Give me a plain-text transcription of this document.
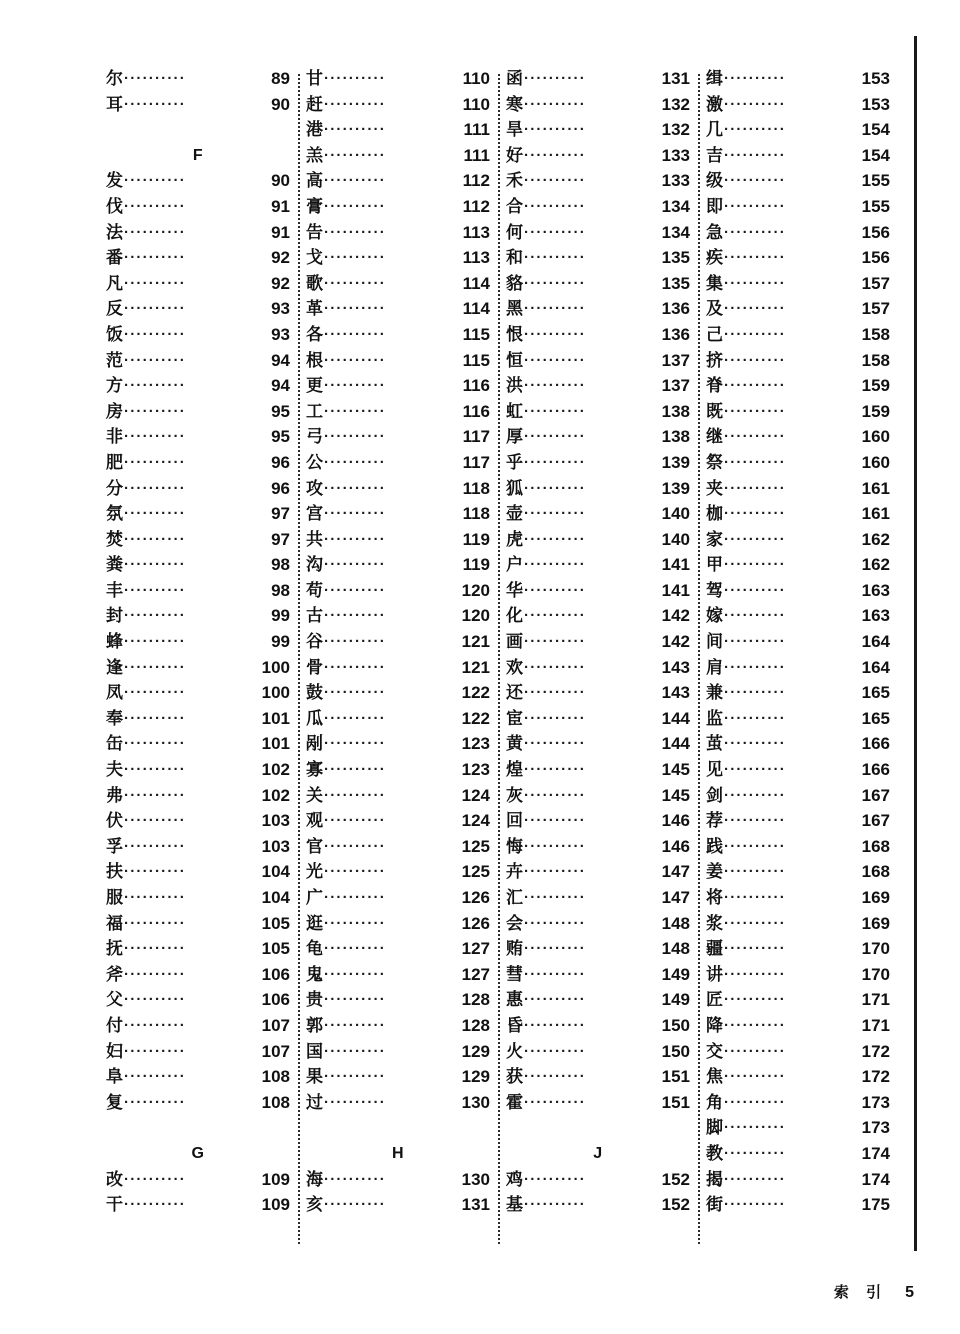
尔 ··········	89
耳 ··········	90
F
发 ··········	90
伐 ··········	91
法 ··········	91
番 ··········	92
凡 ··········	92
反 ··········	93
饭 ··········	93
范 ··········	94
方 ··········	94
房 ··········	95
非 ··········	95
肥 ··········	96
分 ··········	96
氛 ··········	97
焚 ··········	97
粪 ··········	98
丰 ··········	98
封 ··········	99
蜂 ··········	99
逢 ··········	100
凤 ··········	100
奉 ··········	101
缶 ··········	101
夫 ··········	102
弗 ··········	102
伏 ··········	103
孚 ··········	103
扶 ··········	104
服 ··········	104
福 ··········	105
抚 ··········	105
斧 ··········	106
父 ··········	106
付 ··········	107
妇 ··········	107
阜 ··········	108
复 ··········	108
G
改 ··········	109
干 ··········	109
甘 ··········	110
赶 ··········	110
港 ··········	111
羔 ··········	111
高 ··········	112
膏 ··········	112
告 ··········	113
戈 ··········	113
歌 ··········	114
革 ··········	114
各 ··········	115
根 ··········	115
更 ··········	116
工 ··········	116
弓 ··········	117
公 ··········	117
攻 ··········	118
宫 ··········	118
共 ··········	119
沟 ··········	119
苟 ··········	120
古 ··········	120
谷 ··········	121
骨 ··········	121
鼓 ··········	122
瓜 ··········	122
剐 ··········	123
寡 ··········	123
关 ··········	124
观 ··········	124
官 ··········	125
光 ··········	125
广 ··········	126
逛 ··········	126
龟 ··········	127
鬼 ··········	127
贵 ··········	128
郭 ··········	128
国 ··········	129
果 ··········	129
过 ··········	130
H
海 ··········	130
亥 ··········	131
函 ··········	131
寒 ··········	132
旱 ··········	132
好 ··········	133
禾 ··········	133
合 ··········	134
何 ··········	134
和 ··········	135
貉 ··········	135
黑 ··········	136
恨 ··········	136
恒 ··········	137
洪 ··········	137
虹 ··········	138
厚 ··········	138
乎 ··········	139
狐 ··········	139
壶 ··········	140
虎 ··········	140
户 ··········	141
华 ··········	141
化 ··········	142
画 ··········	142
欢 ··········	143
还 ··········	143
宦 ··········	144
黄 ··········	144
煌 ··········	145
灰 ··········	145
回 ··········	146
悔 ··········	146
卉 ··········	147
汇 ··········	147
会 ··········	148
贿 ··········	148
彗 ··········	149
惠 ··········	149
昏 ··········	150
火 ··········	150
获 ··········	151
霍 ··········	151
J
鸡 ··········	152
基 ··········	152
缉 ··········	153
激 ··········	153
几 ··········	154
吉 ··········	154
级 ··········	155
即 ··········	155
急 ··········	156
疾 ··········	156
集 ··········	157
及 ··········	157
己 ··········	158
挤 ··········	158
脊 ··········	159
既 ··········	159
继 ··········	160
祭 ··········	160
夹 ··········	161
枷 ··········	161
家 ··········	162
甲 ··········	162
驾 ··········	163
嫁 ··········	163
间 ··········	164
肩 ··········	164
兼 ··········	165
监 ··········	165
茧 ··········	166
见 ··········	166
剑 ··········	167
荐 ··········	167
践 ··········	168
姜 ··········	168
将 ··········	169
浆 ··········	169
疆 ··········	170
讲 ··········	170
匠 ··········	171
降 ··········	171
交 ··········	172
焦 ··········	172
角 ··········	173
脚 ··········	173
教 ··········	174
揭 ··········	174
街 ··········	175
索 引 5
